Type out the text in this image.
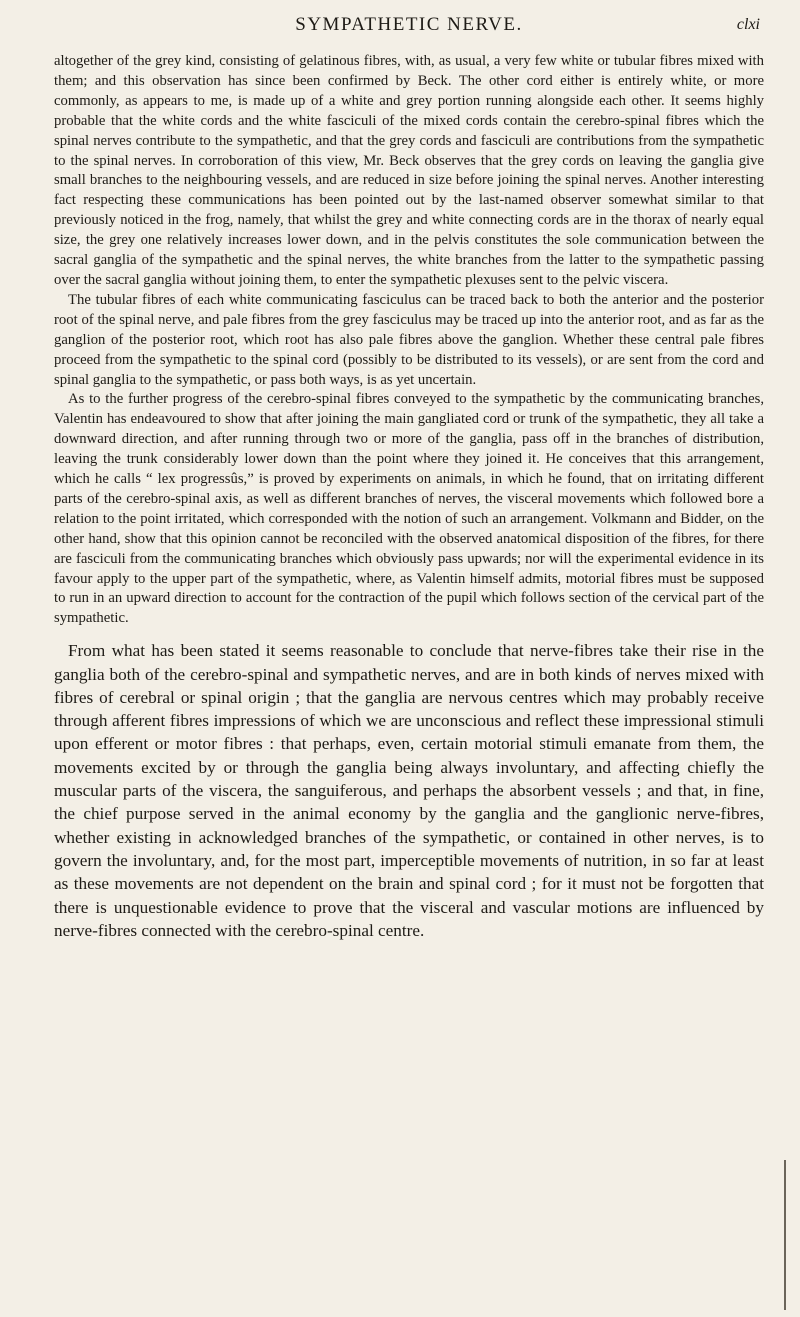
SYMPATHETIC NERVE.	clxi

altogether of the grey kind, consisting of gelatinous fibres, with, as usual, a very few white or tubular fibres mixed with them; and this observation has since been confirmed by Beck. The other cord either is entirely white, or more commonly, as appears to me, is made up of a white and grey portion running alongside each other. It seems highly probable that the white cords and the white fasciculi of the mixed cords contain the cerebro-spinal fibres which the spinal nerves contribute to the sympathetic, and that the grey cords and fasciculi are contributions from the sympathetic to the spinal nerves. In corroboration of this view, Mr. Beck observes that the grey cords on leaving the ganglia give small branches to the neighbouring vessels, and are reduced in size before joining the spinal nerves. Another interesting fact respecting these communications has been pointed out by the last-named observer somewhat similar to that previously noticed in the frog, namely, that whilst the grey and white connecting cords are in the thorax of nearly equal size, the grey one relatively increases lower down, and in the pelvis constitutes the sole communication between the sacral ganglia of the sympathetic and the spinal nerves, the white branches from the latter to the sympathetic passing over the sacral ganglia without joining them, to enter the sympathetic plexuses sent to the pelvic viscera.

The tubular fibres of each white communicating fasciculus can be traced back to both the anterior and the posterior root of the spinal nerve, and pale fibres from the grey fasciculus may be traced up into the anterior root, and as far as the ganglion of the posterior root, which root has also pale fibres above the ganglion. Whether these central pale fibres proceed from the sympathetic to the spinal cord (possibly to be distributed to its vessels), or are sent from the cord and spinal ganglia to the sympathetic, or pass both ways, is as yet uncertain.

As to the further progress of the cerebro-spinal fibres conveyed to the sympathetic by the communicating branches, Valentin has endeavoured to show that after joining the main gangliated cord or trunk of the sympathetic, they all take a downward direction, and after running through two or more of the ganglia, pass off in the branches of distribution, leaving the trunk considerably lower down than the point where they joined it. He conceives that this arrangement, which he calls “ lex progressûs,” is proved by experiments on animals, in which he found, that on irritating different parts of the cerebro-spinal axis, as well as different branches of nerves, the visceral movements which followed bore a relation to the point irritated, which corresponded with the notion of such an arrangement. Volkmann and Bidder, on the other hand, show that this opinion cannot be reconciled with the observed anatomical disposition of the fibres, for there are fasciculi from the communicating branches which obviously pass upwards; nor will the experimental evidence in its favour apply to the upper part of the sympathetic, where, as Valentin himself admits, motorial fibres must be supposed to run in an upward direction to account for the contraction of the pupil which follows section of the cervical part of the sympathetic.

From what has been stated it seems reasonable to conclude that nerve-fibres take their rise in the ganglia both of the cerebro-spinal and sympathetic nerves, and are in both kinds of nerves mixed with fibres of cerebral or spinal origin ; that the ganglia are nervous centres which may probably receive through afferent fibres impressions of which we are unconscious and reflect these impressional stimuli upon efferent or motor fibres : that perhaps, even, certain motorial stimuli emanate from them, the movements excited by or through the ganglia being always involuntary, and affecting chiefly the muscular parts of the viscera, the sanguiferous, and perhaps the absorbent vessels ; and that, in fine, the chief purpose served in the animal economy by the ganglia and the ganglionic nerve-fibres, whether existing in acknowledged branches of the sympathetic, or contained in other nerves, is to govern the involuntary, and, for the most part, imperceptible movements of nutrition, in so far at least as these movements are not dependent on the brain and spinal cord ; for it must not be forgotten that there is unquestionable evidence to prove that the visceral and vascular motions are influenced by nerve-fibres connected with the cerebro-spinal centre.
